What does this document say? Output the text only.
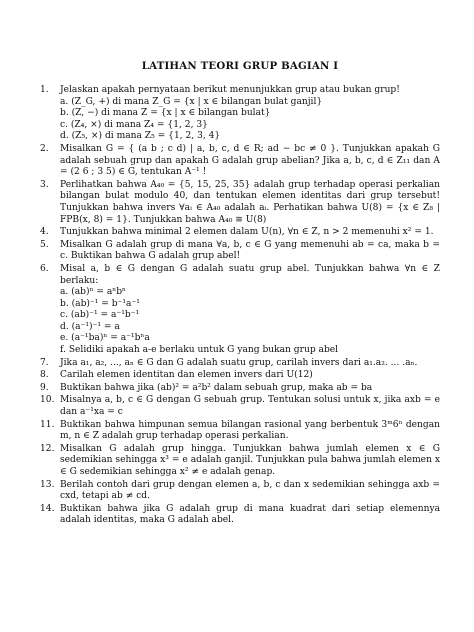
LATIHAN TEORI GRUP BAGIAN I
1.	Jelaskan apakah pernyataan berikut menunjukkan grup atau bukan grup!
a. (Z_G, +) di mana Z_G = {x | x ∈ bilangan bulat ganjil}
b. (Z, −) di mana Z = {x | x ∈ bilangan bulat}
c. (Z₄, ×) di mana Z₄ = {1, 2, 3}
d. (Z₅, ×) di mana Z₅ = {1, 2, 3, 4}
2.	Misalkan G = { (a b ; c d) | a, b, c, d ∈ R; ad − bc ≠ 0 }. Tunjukkan apakah G adalah sebuah grup dan apakah G adalah grup abelian? Jika a, b, c, d ∈ Z₁₁ dan A = (2 6 ; 3 5) ∈ G, tentukan A⁻¹ !
3.	Perlihatkan bahwa A₄₀ = {5, 15, 25, 35} adalah grup terhadap operasi perkalian bilangan bulat modulo 40, dan tentukan elemen identitas dari grup tersebut! Tunjukkan bahwa invers ∀aᵢ ∈ A₄₀ adalah aᵢ. Perhatikan bahwa U(8) = {x ∈ Z₈ | FPB(x, 8) = 1}. Tunjukkan bahwa A₄₀ ≅ U(8)
4.	Tunjukkan bahwa minimal 2 elemen dalam U(n), ∀n ∈ Z, n > 2 memenuhi x² = 1.
5.	Misalkan G adalah grup di mana ∀a, b, c ∈ G yang memenuhi ab = ca, maka b = c. Buktikan bahwa G adalah grup abel!
6.	Misal a, b ∈ G dengan G adalah suatu grup abel. Tunjukkan bahwa ∀n ∈ Z berlaku:
a. (ab)ⁿ = aⁿbⁿ
b. (ab)⁻¹ = b⁻¹a⁻¹
c. (ab)⁻¹ = a⁻¹b⁻¹
d. (a⁻¹)⁻¹ = a
e. (a⁻¹ba)ⁿ = a⁻¹bⁿa
f. Selidiki apakah a-e berlaku untuk G yang bukan grup abel
7.	Jika a₁, a₂, ..., aₙ ∈ G dan G adalah suatu grup, carilah invers dari a₁.a₂. ... .aₙ.
8.	Carilah elemen identitan dan elemen invers dari U(12)
9.	Buktikan bahwa jika (ab)² = a²b² dalam sebuah grup, maka ab = ba
10. Misalnya a, b, c ∈ G dengan G sebuah grup. Tentukan solusi untuk x, jika axb = e dan a⁻¹xa = c
11. Buktikan bahwa himpunan semua bilangan rasional yang berbentuk 3ᵐ6ⁿ dengan m, n ∈ Z adalah grup terhadap operasi perkalian.
12. Misalkan G adalah grup hingga. Tunjukkan bahwa jumlah elemen x ∈ G sedemikian sehingga x³ = e adalah ganjil. Tunjukkan pula bahwa jumlah elemen x ∈ G sedemikian sehingga x² ≠ e adalah genap.
13. Berilah contoh dari grup dengan elemen a, b, c dan x sedemikian sehingga axb = cxd, tetapi ab ≠ cd.
14. Buktikan bahwa jika G adalah grup di mana kuadrat dari setiap elemennya adalah identitas, maka G adalah abel.
